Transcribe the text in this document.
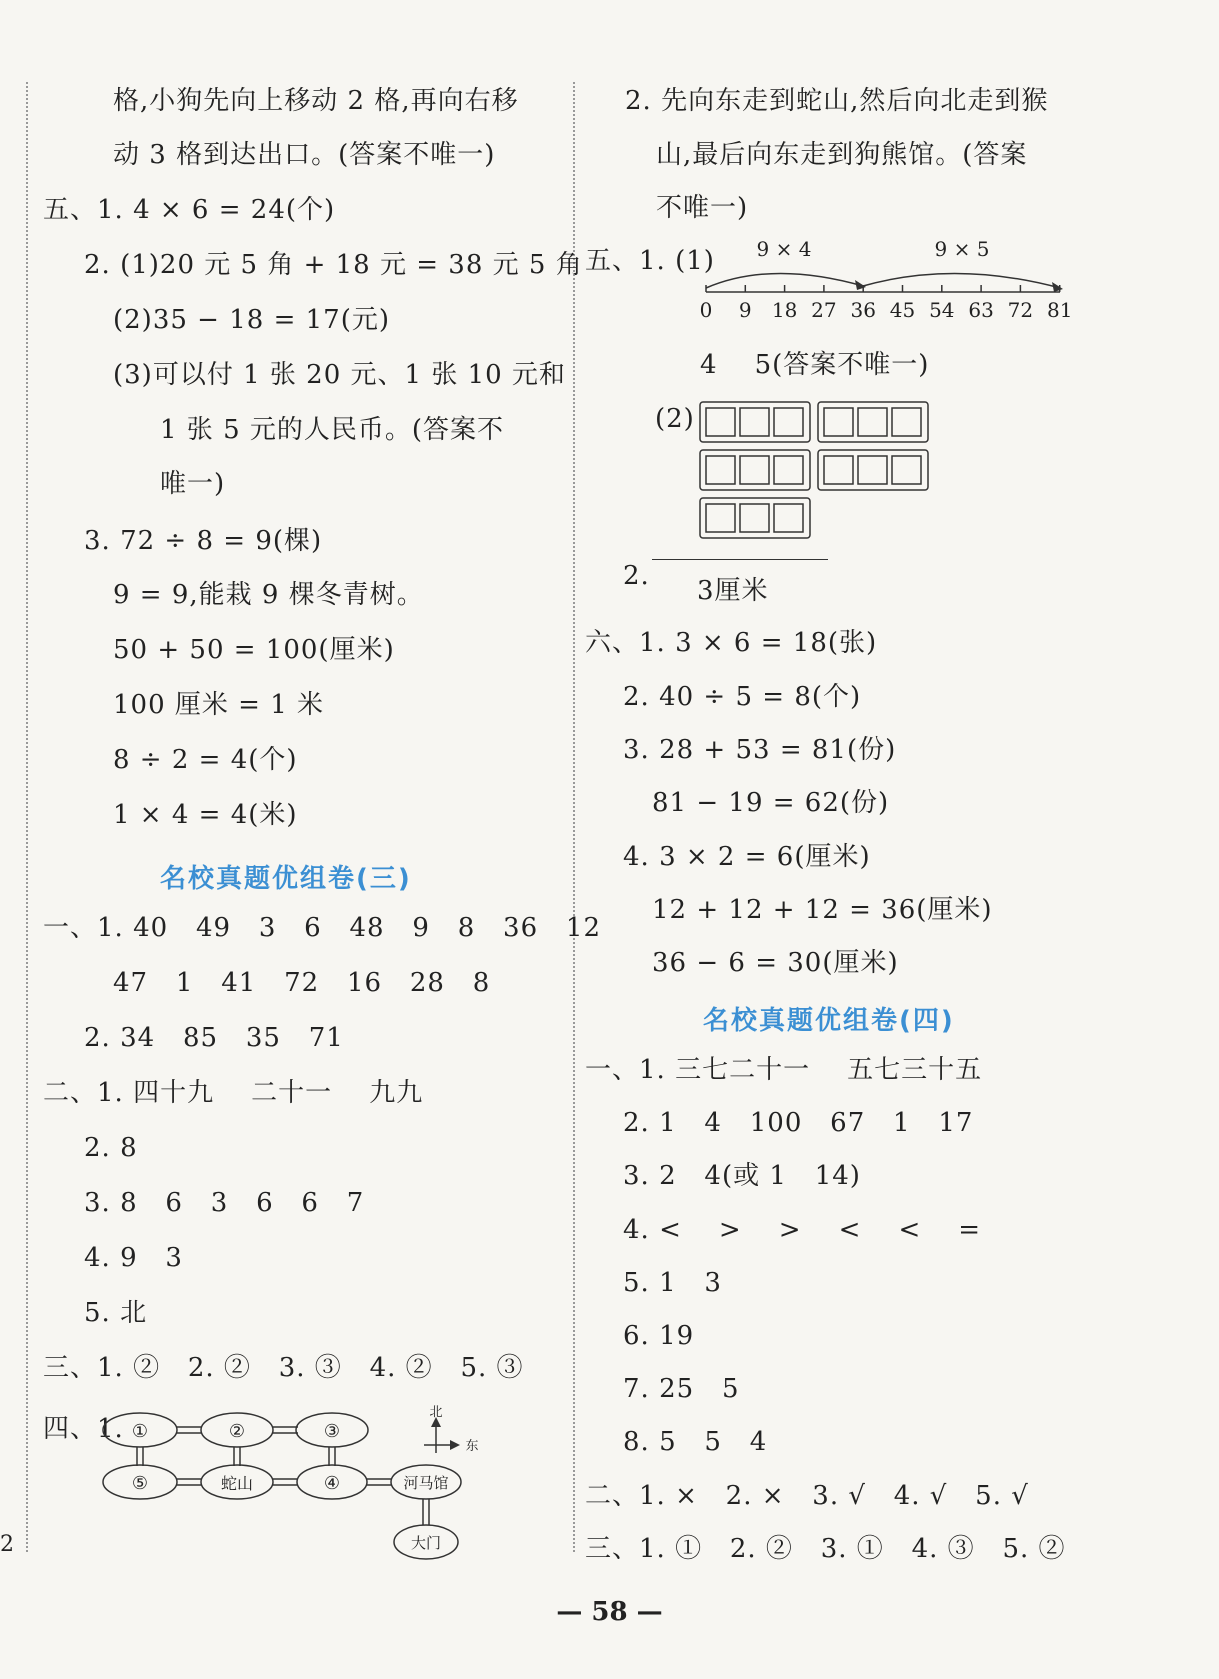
2
格,小狗先向上移动 2 格,再向右移
动 3 格到达出口。(答案不唯一)
五、1. 4 × 6 = 24(个)
2. (1)20 元 5 角 + 18 元 = 38 元 5 角
(2)35 − 18 = 17(元)
(3)可以付 1 张 20 元、1 张 10 元和
1 张 5 元的人民币。(答案不
唯一)
3. 72 ÷ 8 = 9(棵)
9 = 9,能栽 9 棵冬青树。
50 + 50 = 100(厘米)
100 厘米 = 1 米
8 ÷ 2 = 4(个)
1 × 4 = 4(米)
名校真题优组卷(三)
一、1. 40   49   3   6   48   9   8   36   12
47   1   41   72   16   28   8
2. 34   85   35   71
二、1. 四十九    二十一    九九
2. 8
3. 8   6   3   6   6   7
4. 9   3
5. 北
三、1. ②   2. ②   3. ③   4. ②   5. ③
四、1. ①	②	③
⑤	蛇山	④	河马馆
大门
北
东
2. 先向东走到蛇山,然后向北走到猴
山,最后向东走到狗熊馆。(答案
不唯一)
五、1. (1) 9 × 4	9 × 5
0 9 18 27 36 45 54 63 72 81
4    5(答案不唯一)
(2)
2. 3厘米
六、1. 3 × 6 = 18(张)
2. 40 ÷ 5 = 8(个)
3. 28 + 53 = 81(份)
81 − 19 = 62(份)
4. 3 × 2 = 6(厘米)
12 + 12 + 12 = 36(厘米)
36 − 6 = 30(厘米)
名校真题优组卷(四)
一、1. 三七二十一    五七三十五
2. 1   4   100   67   1   17
3. 2   4(或 1   14)
4. <    >    >    <    <    =
5. 1   3
6. 19
7. 25   5
8. 5   5   4
二、1. ×   2. ×   3. √   4. √   5. √
三、1. ①   2. ②   3. ①   4. ③   5. ②
— 58 —
